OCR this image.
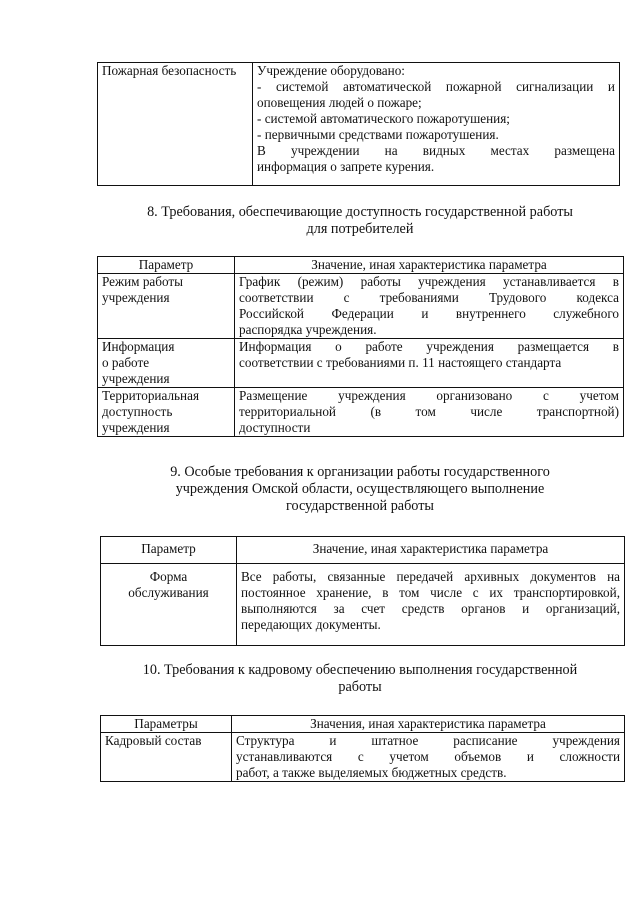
Пожарная безопасность	Учреждение оборудовано:
- системой автоматической пожарной сигнализации и
оповещения людей о пожаре;
- системой автоматического пожаротушения;
- первичными средствами пожаротушения.
В учреждении на видных местах размещена
информация о запрете курения.
8. Требования, обеспечивающие доступность государственной работы
для потребителей
Параметр	Значение, иная характеристика параметра

Режим работы
учреждения	График (режим) работы учреждения устанавливается в
соответствии с требованиями Трудового кодекса
Российской Федерации и внутреннего служебного
распорядка учреждения.

Информация
о работе
учреждения	Информация о работе учреждения размещается в
соответствии с требованиями п. 11 настоящего стандарта

Территориальная
доступность
учреждения	Размещение учреждения организовано с учетом
территориальной (в том числе транспортной)
доступности
9. Особые требования к организации работы государственного
учреждения Омской области, осуществляющего выполнение
государственной работы
Параметр	Значение, иная характеристика параметра

Форма
обслуживания	Все работы, связанные передачей архивных документов на
постоянное хранение, в том числе с их транспортировкой,
выполняются за счет средств органов и организаций,
передающих документы.
10. Требования к кадровому обеспечению выполнения государственной
работы
Параметры	Значения, иная характеристика параметра
Кадровый состав	Структура и штатное расписание учреждения
устанавливаются с учетом объемов и сложности
работ, а также выделяемых бюджетных средств.
